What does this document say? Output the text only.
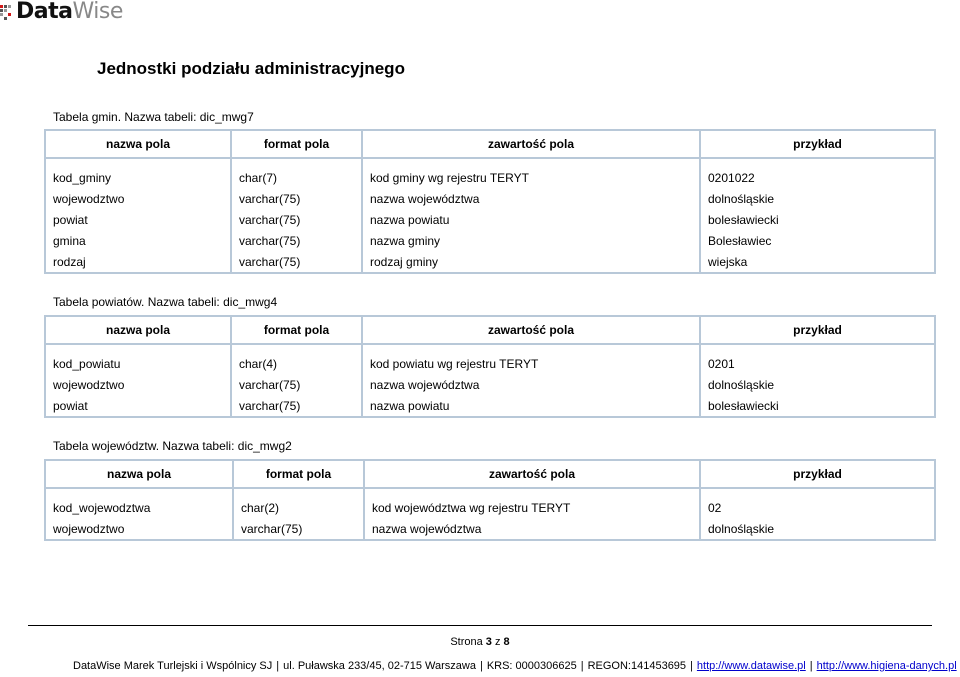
DataWise
Jednostki podziału administracyjnego
Tabela gmin. Nazwa tabeli: dic_mwg7
nazwa pola	format pola	zawartość pola	przykład

kod_gminy	char(7)	kod gminy wg rejestru TERYT	0201022
wojewodztwo	varchar(75)	nazwa województwa	dolnośląskie
powiat	varchar(75)	nazwa powiatu	bolesławiecki
gmina	varchar(75)	nazwa gminy	Bolesławiec
rodzaj	varchar(75)	rodzaj gminy	wiejska
Tabela powiatów. Nazwa tabeli: dic_mwg4
nazwa pola	format pola	zawartość pola	przykład

kod_powiatu	char(4)	kod powiatu wg rejestru TERYT	0201
wojewodztwo	varchar(75)	nazwa województwa	dolnośląskie
powiat	varchar(75)	nazwa powiatu	bolesławiecki
Tabela województw. Nazwa tabeli: dic_mwg2
nazwa pola	format pola	zawartość pola	przykład

kod_wojewodztwa	char(2)	kod województwa wg rejestru TERYT	02
wojewodztwo	varchar(75)	nazwa województwa	dolnośląskie
Strona 3 z 8
DataWise Marek Turlejski i Wspólnicy SJ | ul. Puławska 233/45, 02-715 Warszawa | KRS: 0000306625 | REGON:141453695 | http://www.datawise.pl | http://www.higiena-danych.pl
